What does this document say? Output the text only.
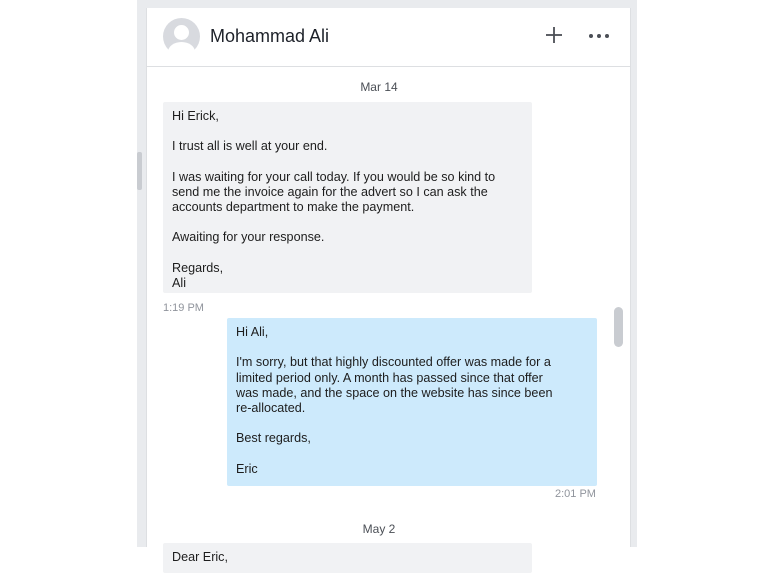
Mohammad Ali
Mar 14

Hi Erick,

I trust all is well at your end.

I was waiting for your call today. If you would be so kind to
send me the invoice again for the advert so I can ask the
accounts department to make the payment.

Awaiting for your response.

Regards,
Ali

1:19 PM

Hi Ali,

I'm sorry, but that highly discounted offer was made for a
limited period only. A month has passed since that offer
was made, and the space on the website has since been
re-allocated.

Best regards,

Eric

2:01 PM
May 2
Dear Eric,
